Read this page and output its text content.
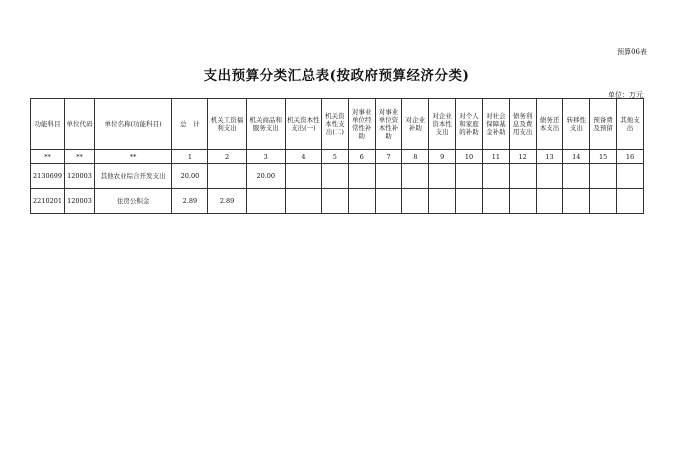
预算06表
支出预算分类汇总表(按政府预算经济分类)
单位：万元
功能科目	单位代码	单位名称(功能科目)	总　计	机关工资福利支出	机关商品和服务支出	机关资本性支出(一)	机关资本性支出(二)	对事业单位经常性补助	对事业单位资本性补助	对企业补助	对企业资本性支出	对个人和家庭的补助	对社会保障基金补助	债务利息及费用支出	债务还本支出	转移性支出	预备费及预留	其他支出
**	**	**	1	2	3	4	5	6	7	8	9	10	11	12	13	14	15	16
2130699	120003	其他农业综合开发支出	20.00		20.00													
2210201	120003	住房公积金	2.89	2.89														
